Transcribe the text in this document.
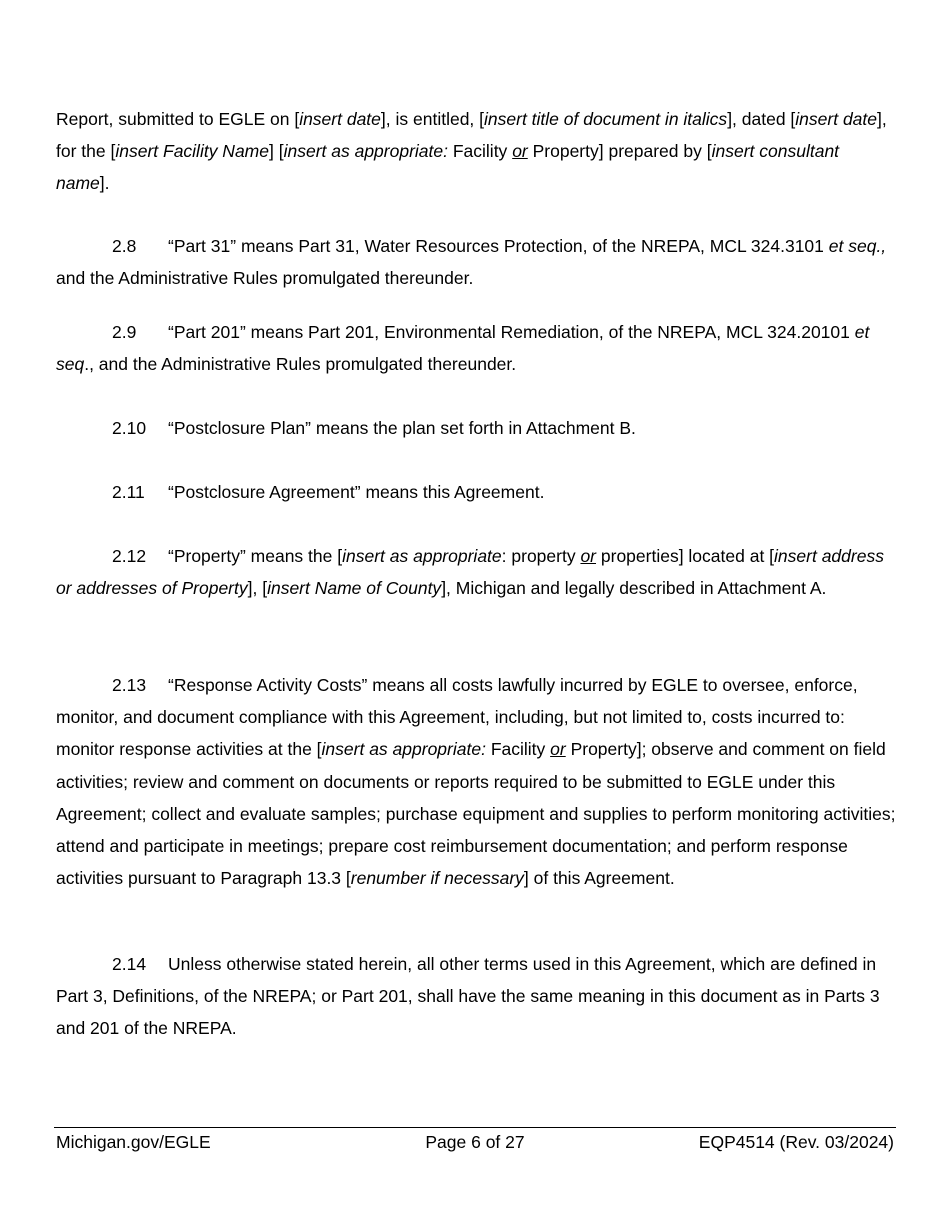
Report, submitted to EGLE on [insert date], is entitled, [insert title of document in italics], dated [insert date], for the [insert Facility Name] [insert as appropriate: Facility or Property] prepared by [insert consultant name].

2.8 “Part 31” means Part 31, Water Resources Protection, of the NREPA, MCL 324.3101 et seq., and the Administrative Rules promulgated thereunder.

2.9 “Part 201” means Part 201, Environmental Remediation, of the NREPA, MCL 324.20101 et seq., and the Administrative Rules promulgated thereunder.

2.10 “Postclosure Plan” means the plan set forth in Attachment B.

2.11 “Postclosure Agreement” means this Agreement.

2.12 “Property” means the [insert as appropriate: property or properties] located at [insert address or addresses of Property], [insert Name of County], Michigan and legally described in Attachment A.

2.13 “Response Activity Costs” means all costs lawfully incurred by EGLE to oversee, enforce, monitor, and document compliance with this Agreement, including, but not limited to, costs incurred to: monitor response activities at the [insert as appropriate: Facility or Property]; observe and comment on field activities; review and comment on documents or reports required to be submitted to EGLE under this Agreement; collect and evaluate samples; purchase equipment and supplies to perform monitoring activities; attend and participate in meetings; prepare cost reimbursement documentation; and perform response activities pursuant to Paragraph 13.3 [renumber if necessary] of this Agreement.

2.14 Unless otherwise stated herein, all other terms used in this Agreement, which are defined in Part 3, Definitions, of the NREPA; or Part 201, shall have the same meaning in this document as in Parts 3 and 201 of the NREPA.

Michigan.gov/EGLE	Page 6 of 27	EQP4514 (Rev. 03/2024)
